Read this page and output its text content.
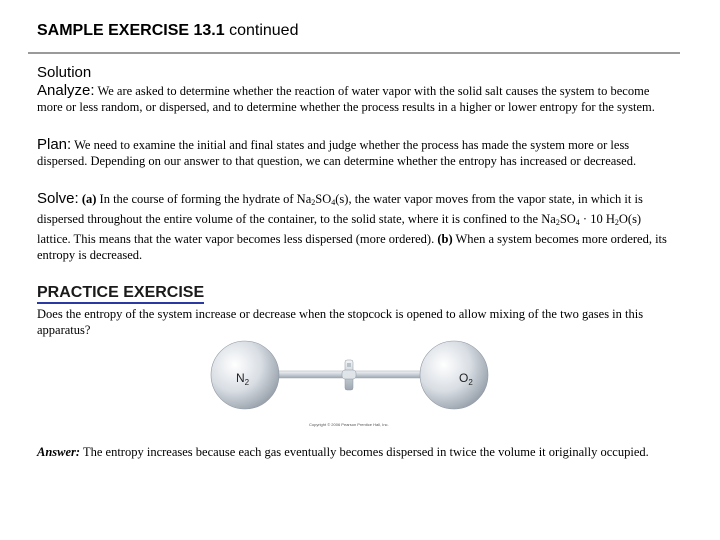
SAMPLE EXERCISE 13.1 continued
Solution
Analyze: We are asked to determine whether the reaction of water vapor with the solid salt causes the system to become more or less random, or dispersed, and to determine whether the process results in a higher or lower entropy for the system.
Plan: We need to examine the initial and final states and judge whether the process has made the system more or less dispersed. Depending on our answer to that question, we can determine whether the entropy has increased or decreased.
Solve: (a) In the course of forming the hydrate of $Na_2SO_4(s)$, the water vapor moves from the vapor state, in which it is dispersed throughout the entire volume of the container, to the solid state, where it is confined to the $Na_2SO_4 \cdot 10$ $H_2O(s)$ lattice. This means that the water vapor becomes less dispersed (more ordered). (b) When a system becomes more ordered, its entropy is decreased.
PRACTICE EXERCISE
Does the entropy of the system increase or decrease when the stopcock is opened to allow mixing of the two gases in this apparatus?
$N_2$	$O_2$
Copyright © 2006 Pearson Prentice Hall, Inc.
Answer: The entropy increases because each gas eventually becomes dispersed in twice the volume it originally occupied.
